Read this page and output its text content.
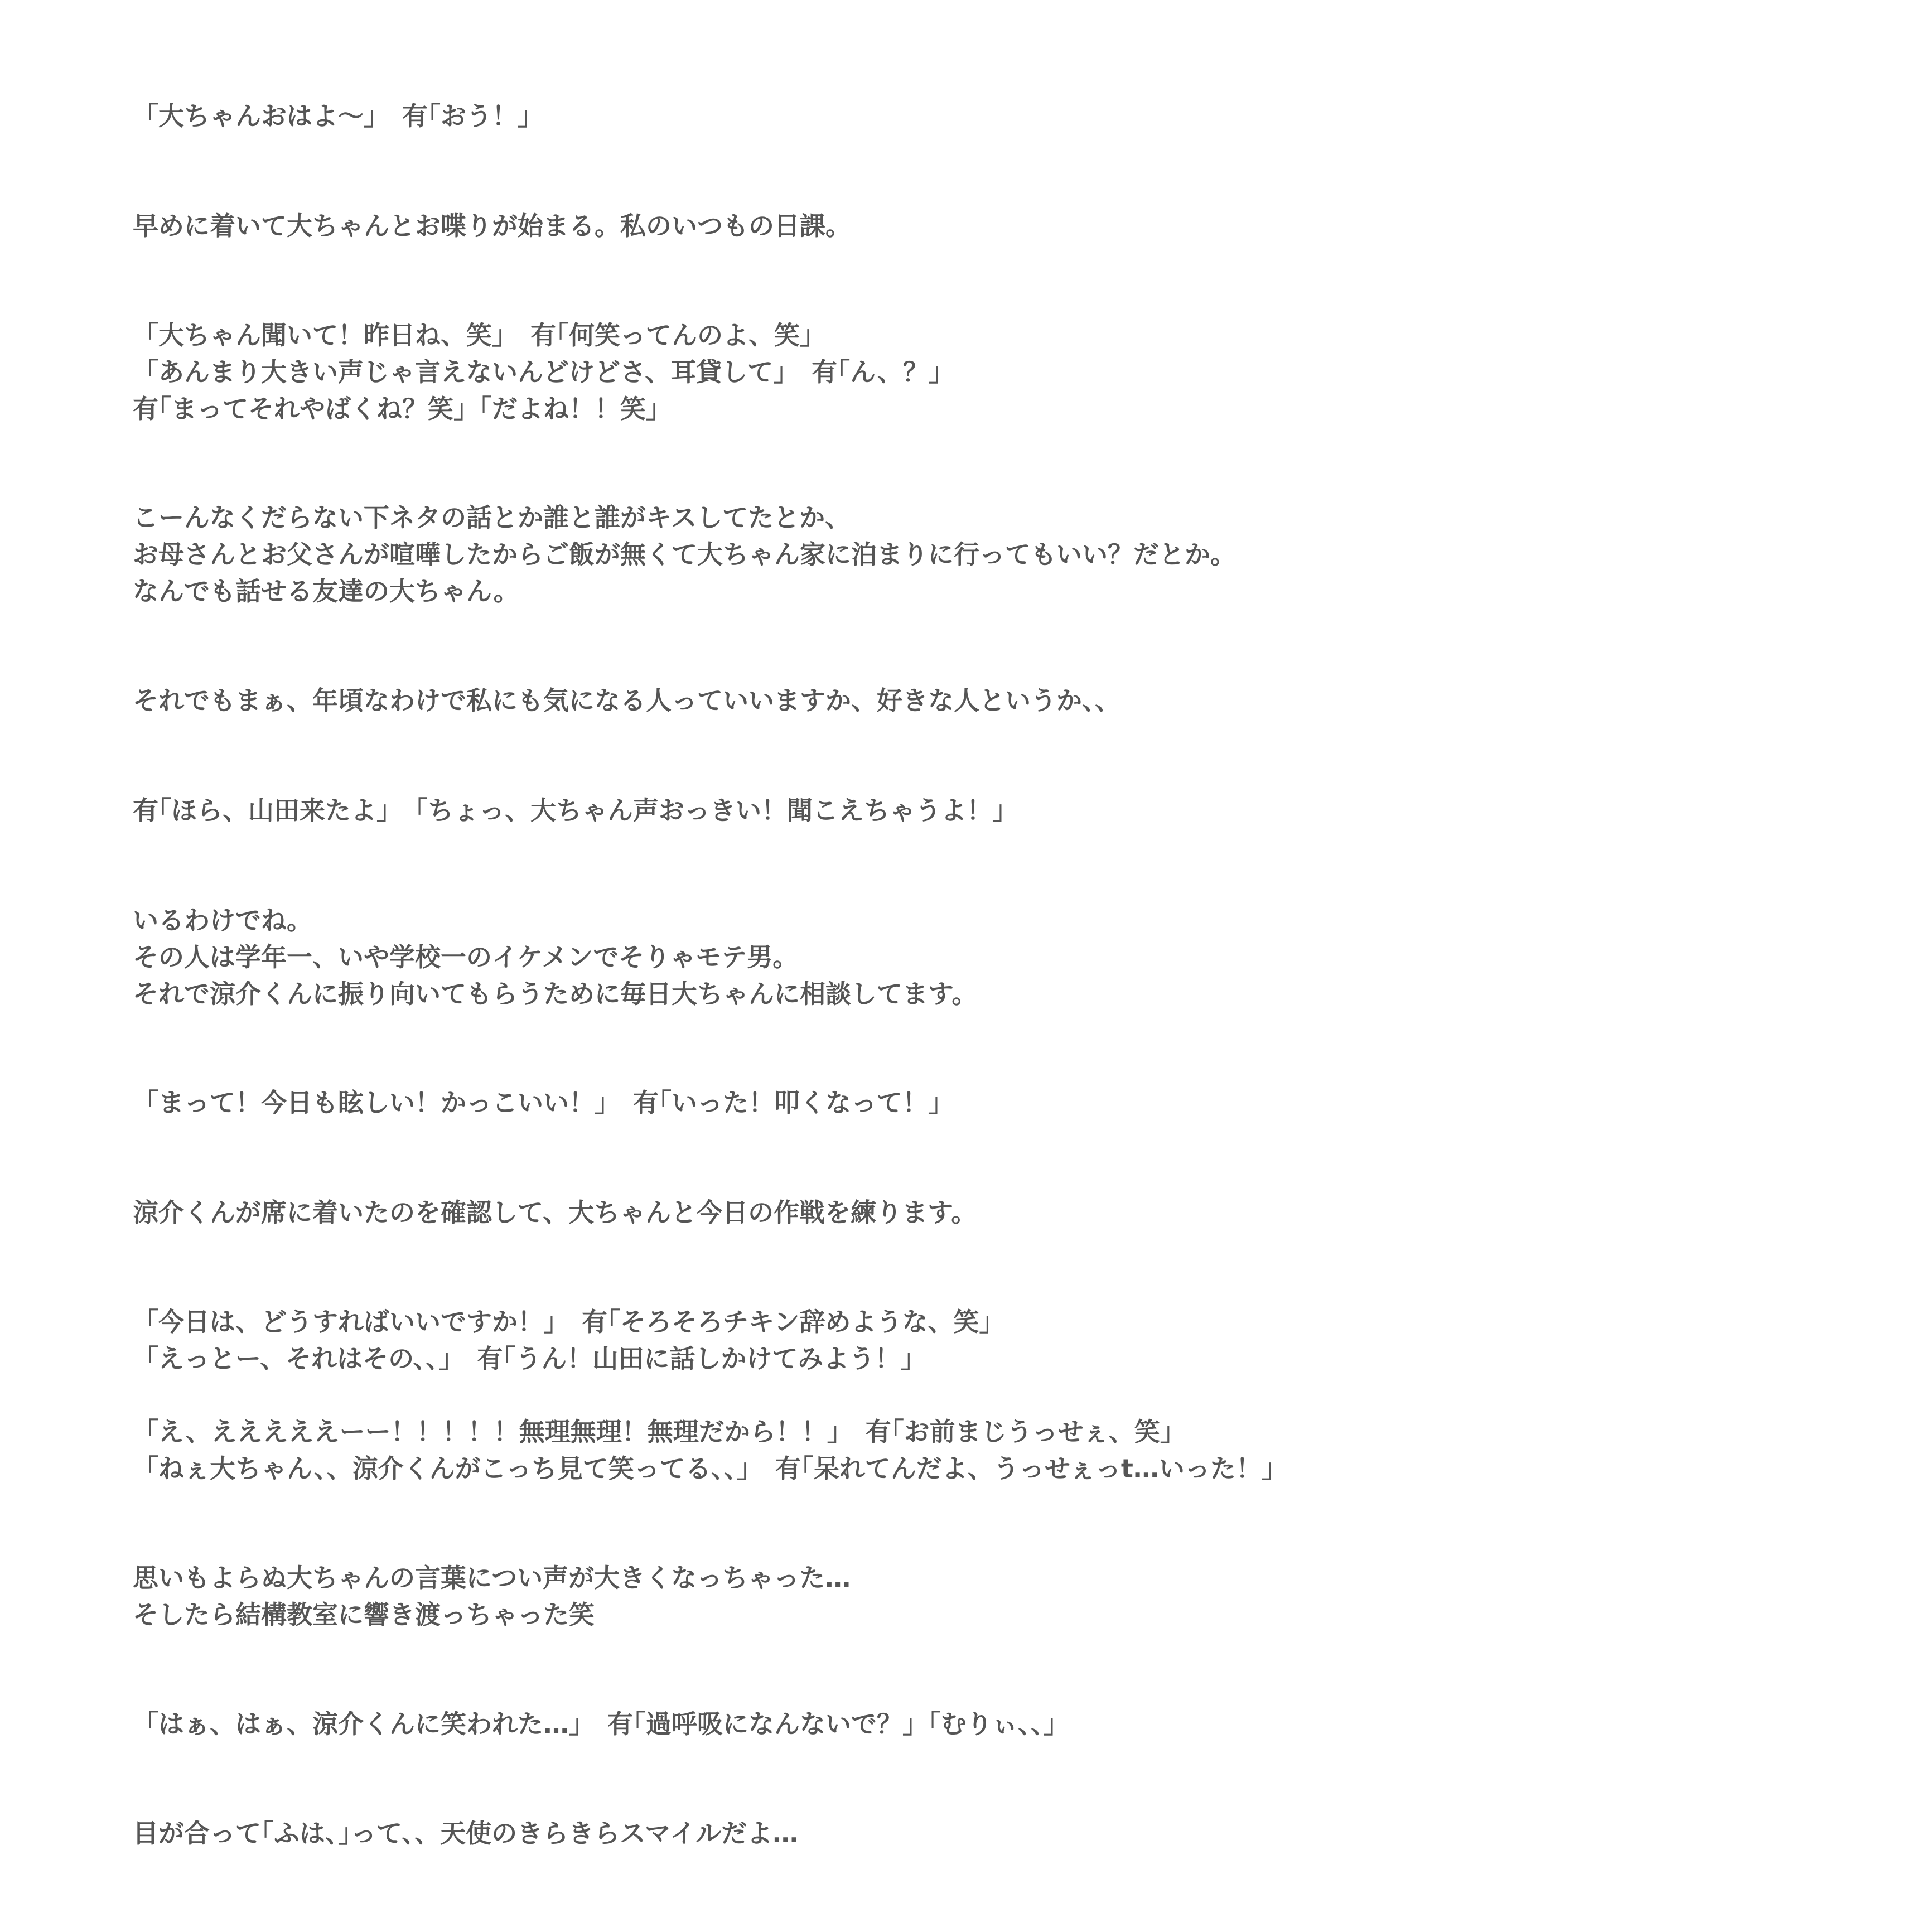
「大ちゃんおはよ〜」　有｢おう！｣

早めに着いて大ちゃんとお喋りが始まる。私のいつもの日課。

「大ちゃん聞いて！昨日ね、笑」　有｢何笑ってんのよ、笑｣

「あんまり大きい声じゃ言えないんどけどさ、耳貸して」　有｢ん、？｣

有｢まってそれやばくね？笑｣「だよね！！笑」

こーんなくだらない下ネタの話とか誰と誰がキスしてたとか、

お母さんとお父さんが喧嘩したからご飯が無くて大ちゃん家に泊まりに行ってもいい？だとか。

なんでも話せる友達の大ちゃん。

それでもまぁ、年頃なわけで私にも気になる人っていいますか、好きな人というか、、

有｢ほら、山田来たよ｣　「ちょっ、大ちゃん声おっきい！聞こえちゃうよ！」

いるわけでね。

その人は学年一、いや学校一のイケメンでそりゃモテ男。

それで涼介くんに振り向いてもらうために毎日大ちゃんに相談してます。

「まって！今日も眩しい！かっこいい！」　有｢いった！叩くなって！｣

涼介くんが席に着いたのを確認して、大ちゃんと今日の作戦を練ります。

「今日は、どうすればいいですか！」　有｢そろそろチキン辞めような、笑｣

「えっとー、それはその、、」　有｢うん！山田に話しかけてみよう！｣

「え、えええええーー！！！！！無理無理！無理だから！！」　有｢お前まじうっせぇ、笑｣

「ねぇ大ちゃん、、涼介くんがこっち見て笑ってる、、」　有｢呆れてんだよ、うっせぇっt…いった！｣

思いもよらぬ大ちゃんの言葉につい声が大きくなっちゃった…

そしたら結構教室に響き渡っちゃった笑

「はぁ、はぁ、涼介くんに笑われた…」　有｢過呼吸になんないで？｣「むりぃ、、」

目が合って｢ふは、｣って、、天使のきらきらスマイルだよ…
